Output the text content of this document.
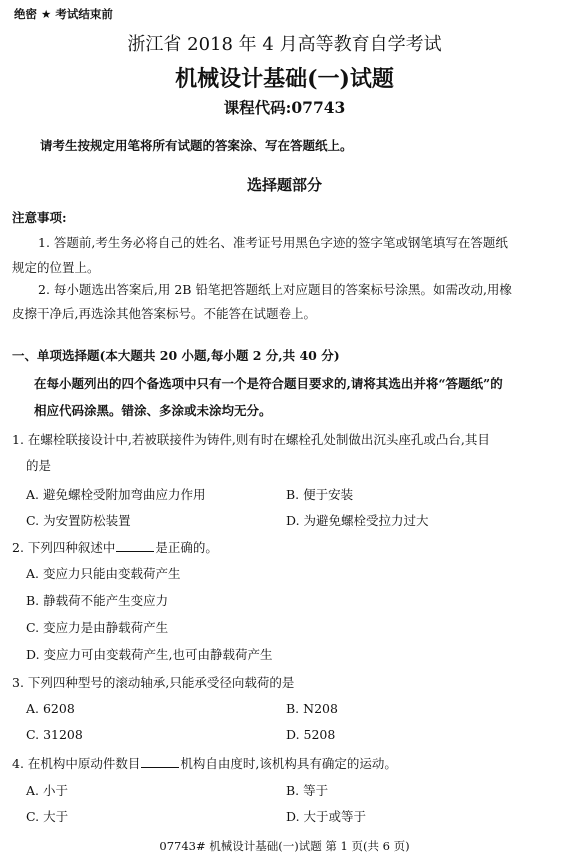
绝密 ★ 考试结束前
浙江省 2018 年 4 月高等教育自学考试
机械设计基础(一)试题
课程代码:07743
请考生按规定用笔将所有试题的答案涂、写在答题纸上。
选择题部分
注意事项:
1. 答题前,考生务必将自己的姓名、准考证号用黑色字迹的签字笔或钢笔填写在答题纸
规定的位置上。
2. 每小题选出答案后,用 2B 铅笔把答题纸上对应题目的答案标号涂黑。如需改动,用橡
皮擦干净后,再选涂其他答案标号。不能答在试题卷上。
一、单项选择题(本大题共 20 小题,每小题 2 分,共 40 分)
在每小题列出的四个备选项中只有一个是符合题目要求的,请将其选出并将“答题纸”的
相应代码涂黑。错涂、多涂或未涂均无分。
1. 在螺栓联接设计中,若被联接件为铸件,则有时在螺栓孔处制做出沉头座孔或凸台,其目
的是
A. 避免螺栓受附加弯曲应力作用	B. 便于安装
C. 为安置防松装置	D. 为避免螺栓受拉力过大
2. 下列四种叙述中	是正确的。
A. 变应力只能由变载荷产生
B. 静载荷不能产生变应力
C. 变应力是由静载荷产生
D. 变应力可由变载荷产生,也可由静载荷产生
3. 下列四种型号的滚动轴承,只能承受径向载荷的是
A. 6208	B. N208
C. 31208	D. 5208
4. 在机构中原动件数目	机构自由度时,该机构具有确定的运动。
A. 小于	B. 等于
C. 大于	D. 大于或等于
07743# 机械设计基础(一)试题 第 1 页(共 6 页)
